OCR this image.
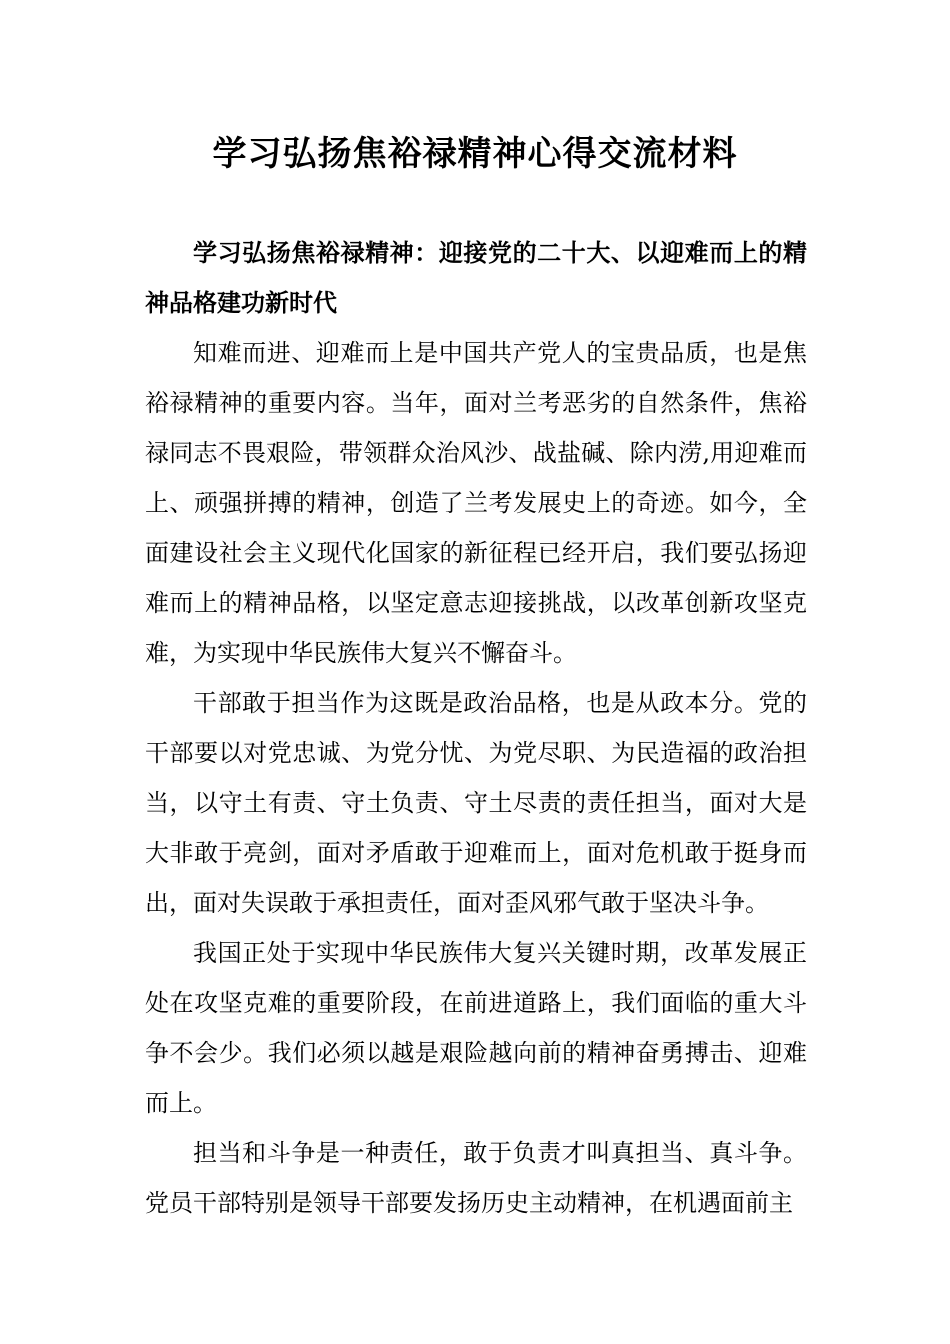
学习弘扬焦裕禄精神心得交流材料

学习弘扬焦裕禄精神：迎接党的二十大、以迎难而上的精神品格建功新时代

知难而进、迎难而上是中国共产党人的宝贵品质，也是焦裕禄精神的重要内容。当年，面对兰考恶劣的自然条件，焦裕禄同志不畏艰险，带领群众治风沙、战盐碱、除内涝,用迎难而上、顽强拼搏的精神，创造了兰考发展史上的奇迹。如今，全面建设社会主义现代化国家的新征程已经开启，我们要弘扬迎难而上的精神品格，以坚定意志迎接挑战，以改革创新攻坚克难，为实现中华民族伟大复兴不懈奋斗。

干部敢于担当作为这既是政治品格，也是从政本分。党的干部要以对党忠诚、为党分忧、为党尽职、为民造福的政治担当，以守土有责、守土负责、守土尽责的责任担当，面对大是大非敢于亮剑，面对矛盾敢于迎难而上，面对危机敢于挺身而出，面对失误敢于承担责任，面对歪风邪气敢于坚决斗争。

我国正处于实现中华民族伟大复兴关键时期，改革发展正处在攻坚克难的重要阶段，在前进道路上，我们面临的重大斗争不会少。我们必须以越是艰险越向前的精神奋勇搏击、迎难而上。

担当和斗争是一种责任，敢于负责才叫真担当、真斗争。党员干部特别是领导干部要发扬历史主动精神，在机遇面前主
